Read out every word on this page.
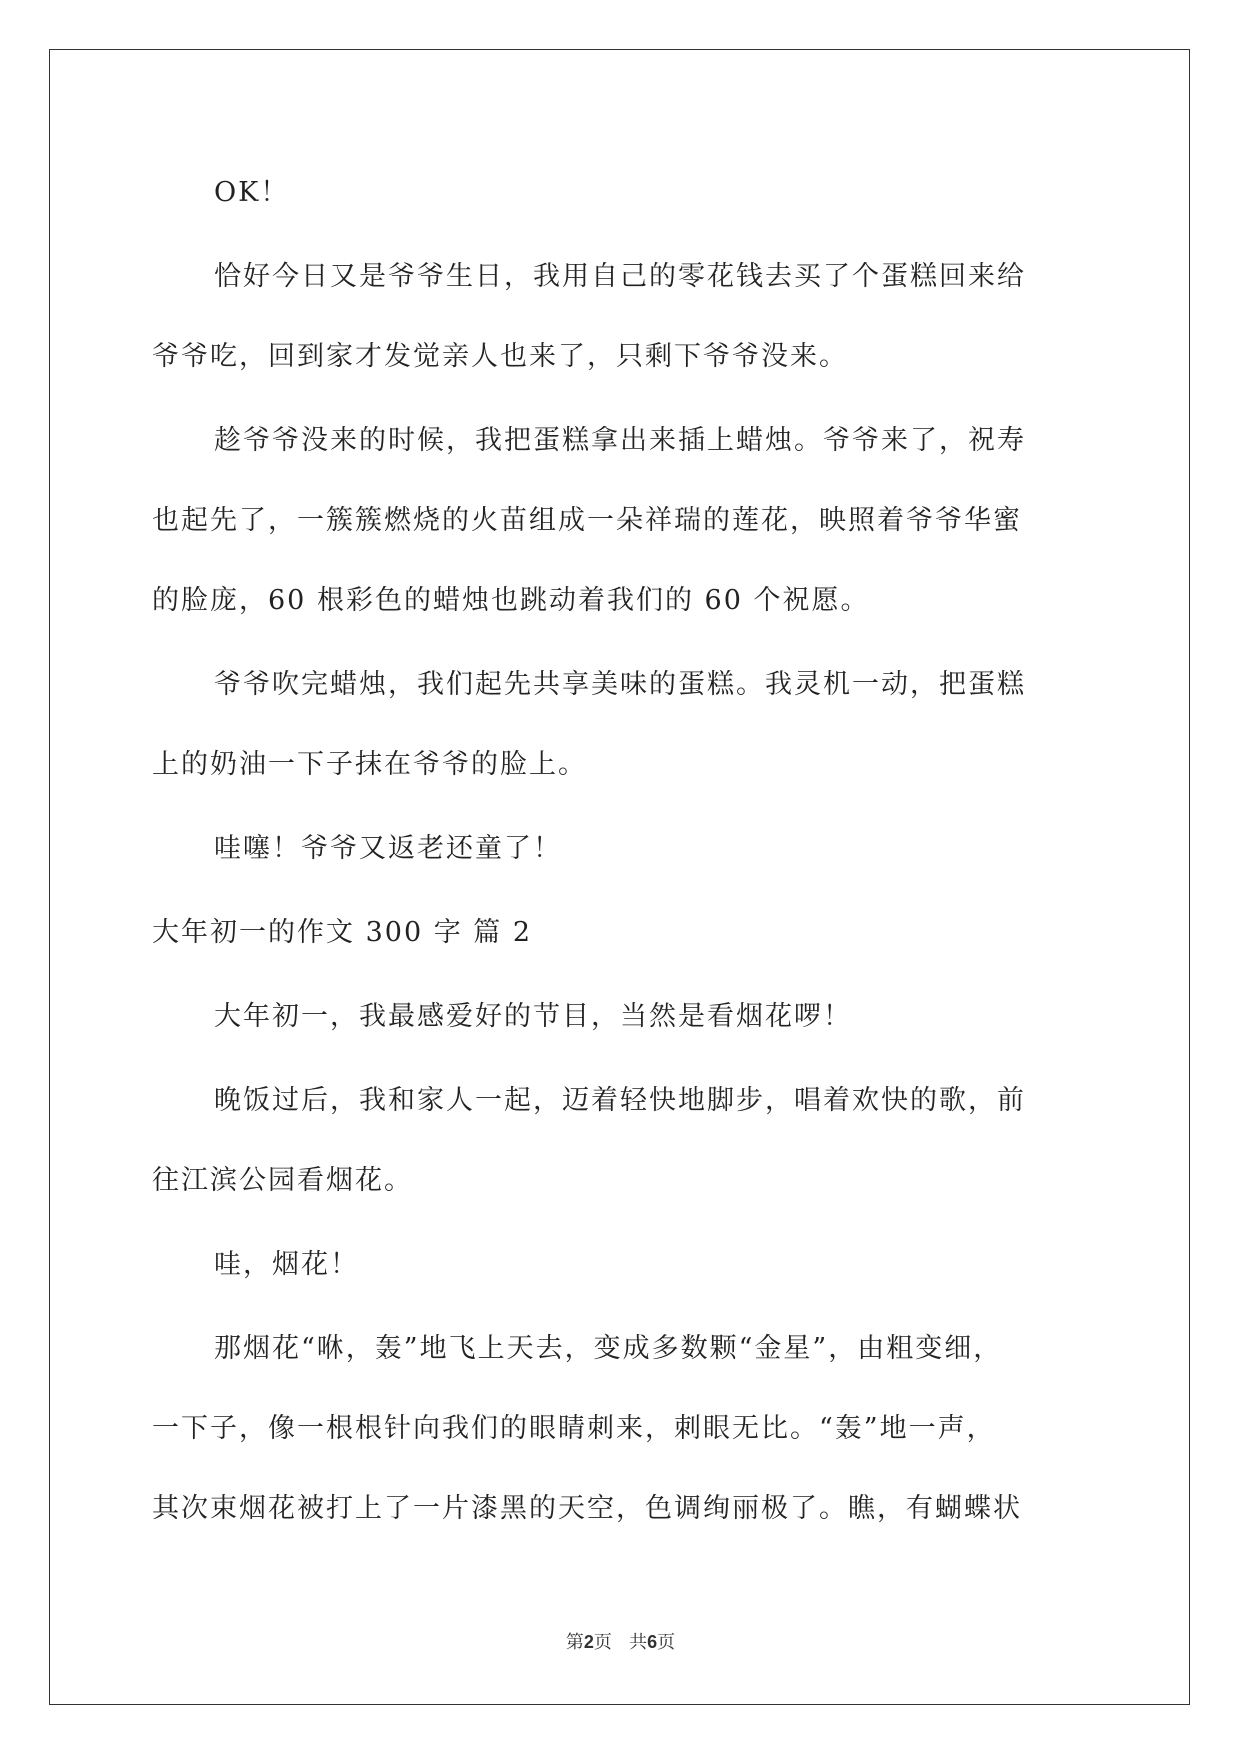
OK！
恰好今日又是爷爷生日，我用自己的零花钱去买了个蛋糕回来给
爷爷吃，回到家才发觉亲人也来了，只剩下爷爷没来。
趁爷爷没来的时候，我把蛋糕拿出来插上蜡烛。爷爷来了，祝寿
也起先了，一簇簇燃烧的火苗组成一朵祥瑞的莲花，映照着爷爷华蜜
的脸庞，60 根彩色的蜡烛也跳动着我们的 60 个祝愿。
爷爷吹完蜡烛，我们起先共享美味的蛋糕。我灵机一动，把蛋糕
上的奶油一下子抹在爷爷的脸上。
哇噻！爷爷又返老还童了！
大年初一的作文 300 字 篇 2
大年初一，我最感爱好的节目，当然是看烟花啰！
晚饭过后，我和家人一起，迈着轻快地脚步，唱着欢快的歌，前
往江滨公园看烟花。
哇，烟花！
那烟花“咻，轰”地飞上天去，变成多数颗“金星”，由粗变细，
一下子，像一根根针向我们的眼睛刺来，刺眼无比。“轰”地一声，
其次束烟花被打上了一片漆黑的天空，色调绚丽极了。瞧，有蝴蝶状
第2页 共6页
